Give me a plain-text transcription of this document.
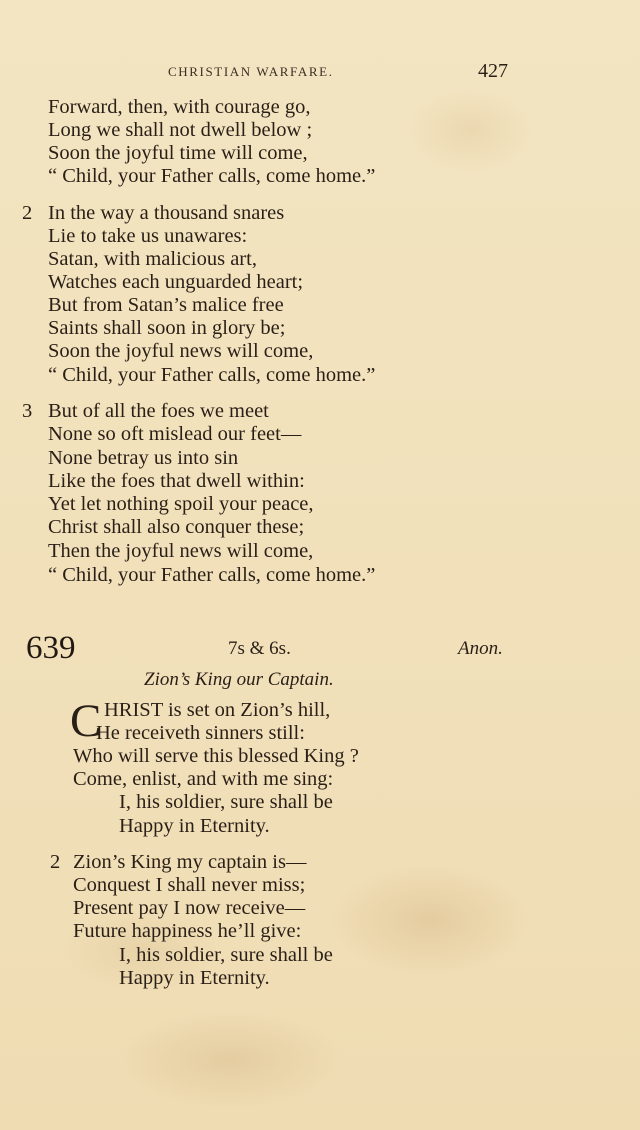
CHRISTIAN WARFARE.	427
Forward, then, with courage go,
Long we shall not dwell below ;
Soon the joyful time will come,
“ Child, your Father calls, come home.”
2 In the way a thousand snares
Lie to take us unawares:
Satan, with malicious art,
Watches each unguarded heart;
But from Satan’s malice free
Saints shall soon in glory be;
Soon the joyful news will come,
“ Child, your Father calls, come home.”
3 But of all the foes we meet
None so oft mislead our feet—
None betray us into sin
Like the foes that dwell within:
Yet let nothing spoil your peace,
Christ shall also conquer these;
Then the joyful news will come,
“ Child, your Father calls, come home.”
639	7s & 6s.	Anon.
Zion’s King our Captain.
C HRIST is set on Zion’s hill,
He receiveth sinners still:
Who will serve this blessed King ?
Come, enlist, and with me sing:
I, his soldier, sure shall be
Happy in Eternity.
2 Zion’s King my captain is—
Conquest I shall never miss;
Present pay I now receive—
Future happiness he’ll give:
I, his soldier, sure shall be
Happy in Eternity.
